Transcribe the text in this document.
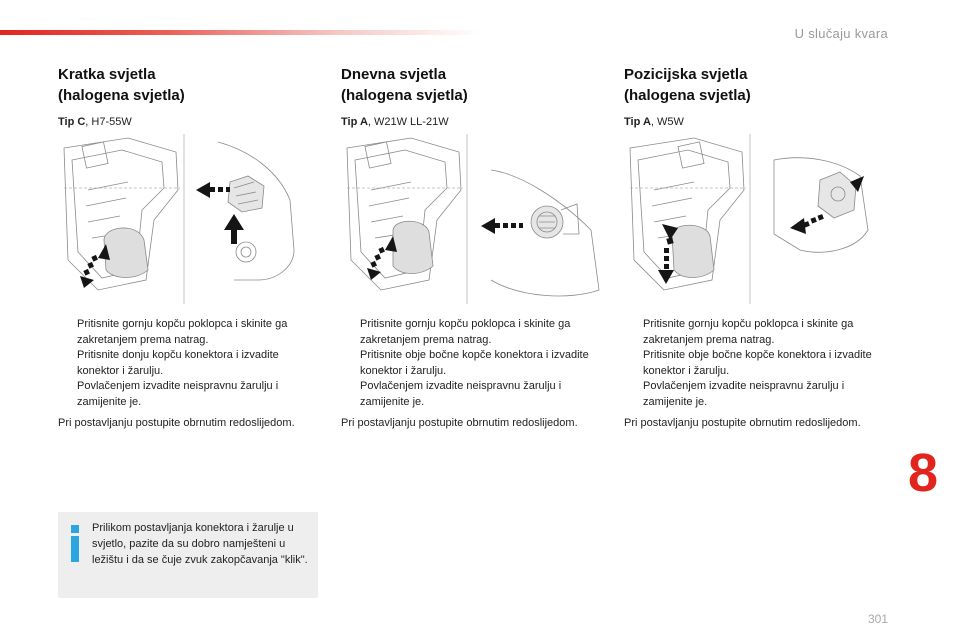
U slučaju kvara
Kratka svjetla
(halogena svjetla)
Tip C, H7-55W
Pritisnite gornju kopču poklopca i skinite ga zakretanjem prema natrag.
Pritisnite donju kopču konektora i izvadite konektor i žarulju.
Povlačenjem izvadite neispravnu žarulju i zamijenite je.
Pri postavljanju postupite obrnutim redoslijedom.
Dnevna svjetla
(halogena svjetla)
Tip A, W21W LL-21W
Pritisnite gornju kopču poklopca i skinite ga zakretanjem prema natrag.
Pritisnite obje bočne kopče konektora i izvadite konektor i žarulju.
Povlačenjem izvadite neispravnu žarulju i zamijenite je.
Pri postavljanju postupite obrnutim redoslijedom.
Pozicijska svjetla
(halogena svjetla)
Tip A, W5W
Pritisnite gornju kopču poklopca i skinite ga zakretanjem prema natrag.
Pritisnite obje bočne kopče konektora i izvadite konektor i žarulju.
Povlačenjem izvadite neispravnu žarulju i zamijenite je.
Pri postavljanju postupite obrnutim redoslijedom.
Prilikom postavljanja konektora i žarulje u svjetlo, pazite da su dobro namješteni u ležištu i da se čuje zvuk zakopčavanja "klik".
8
301
